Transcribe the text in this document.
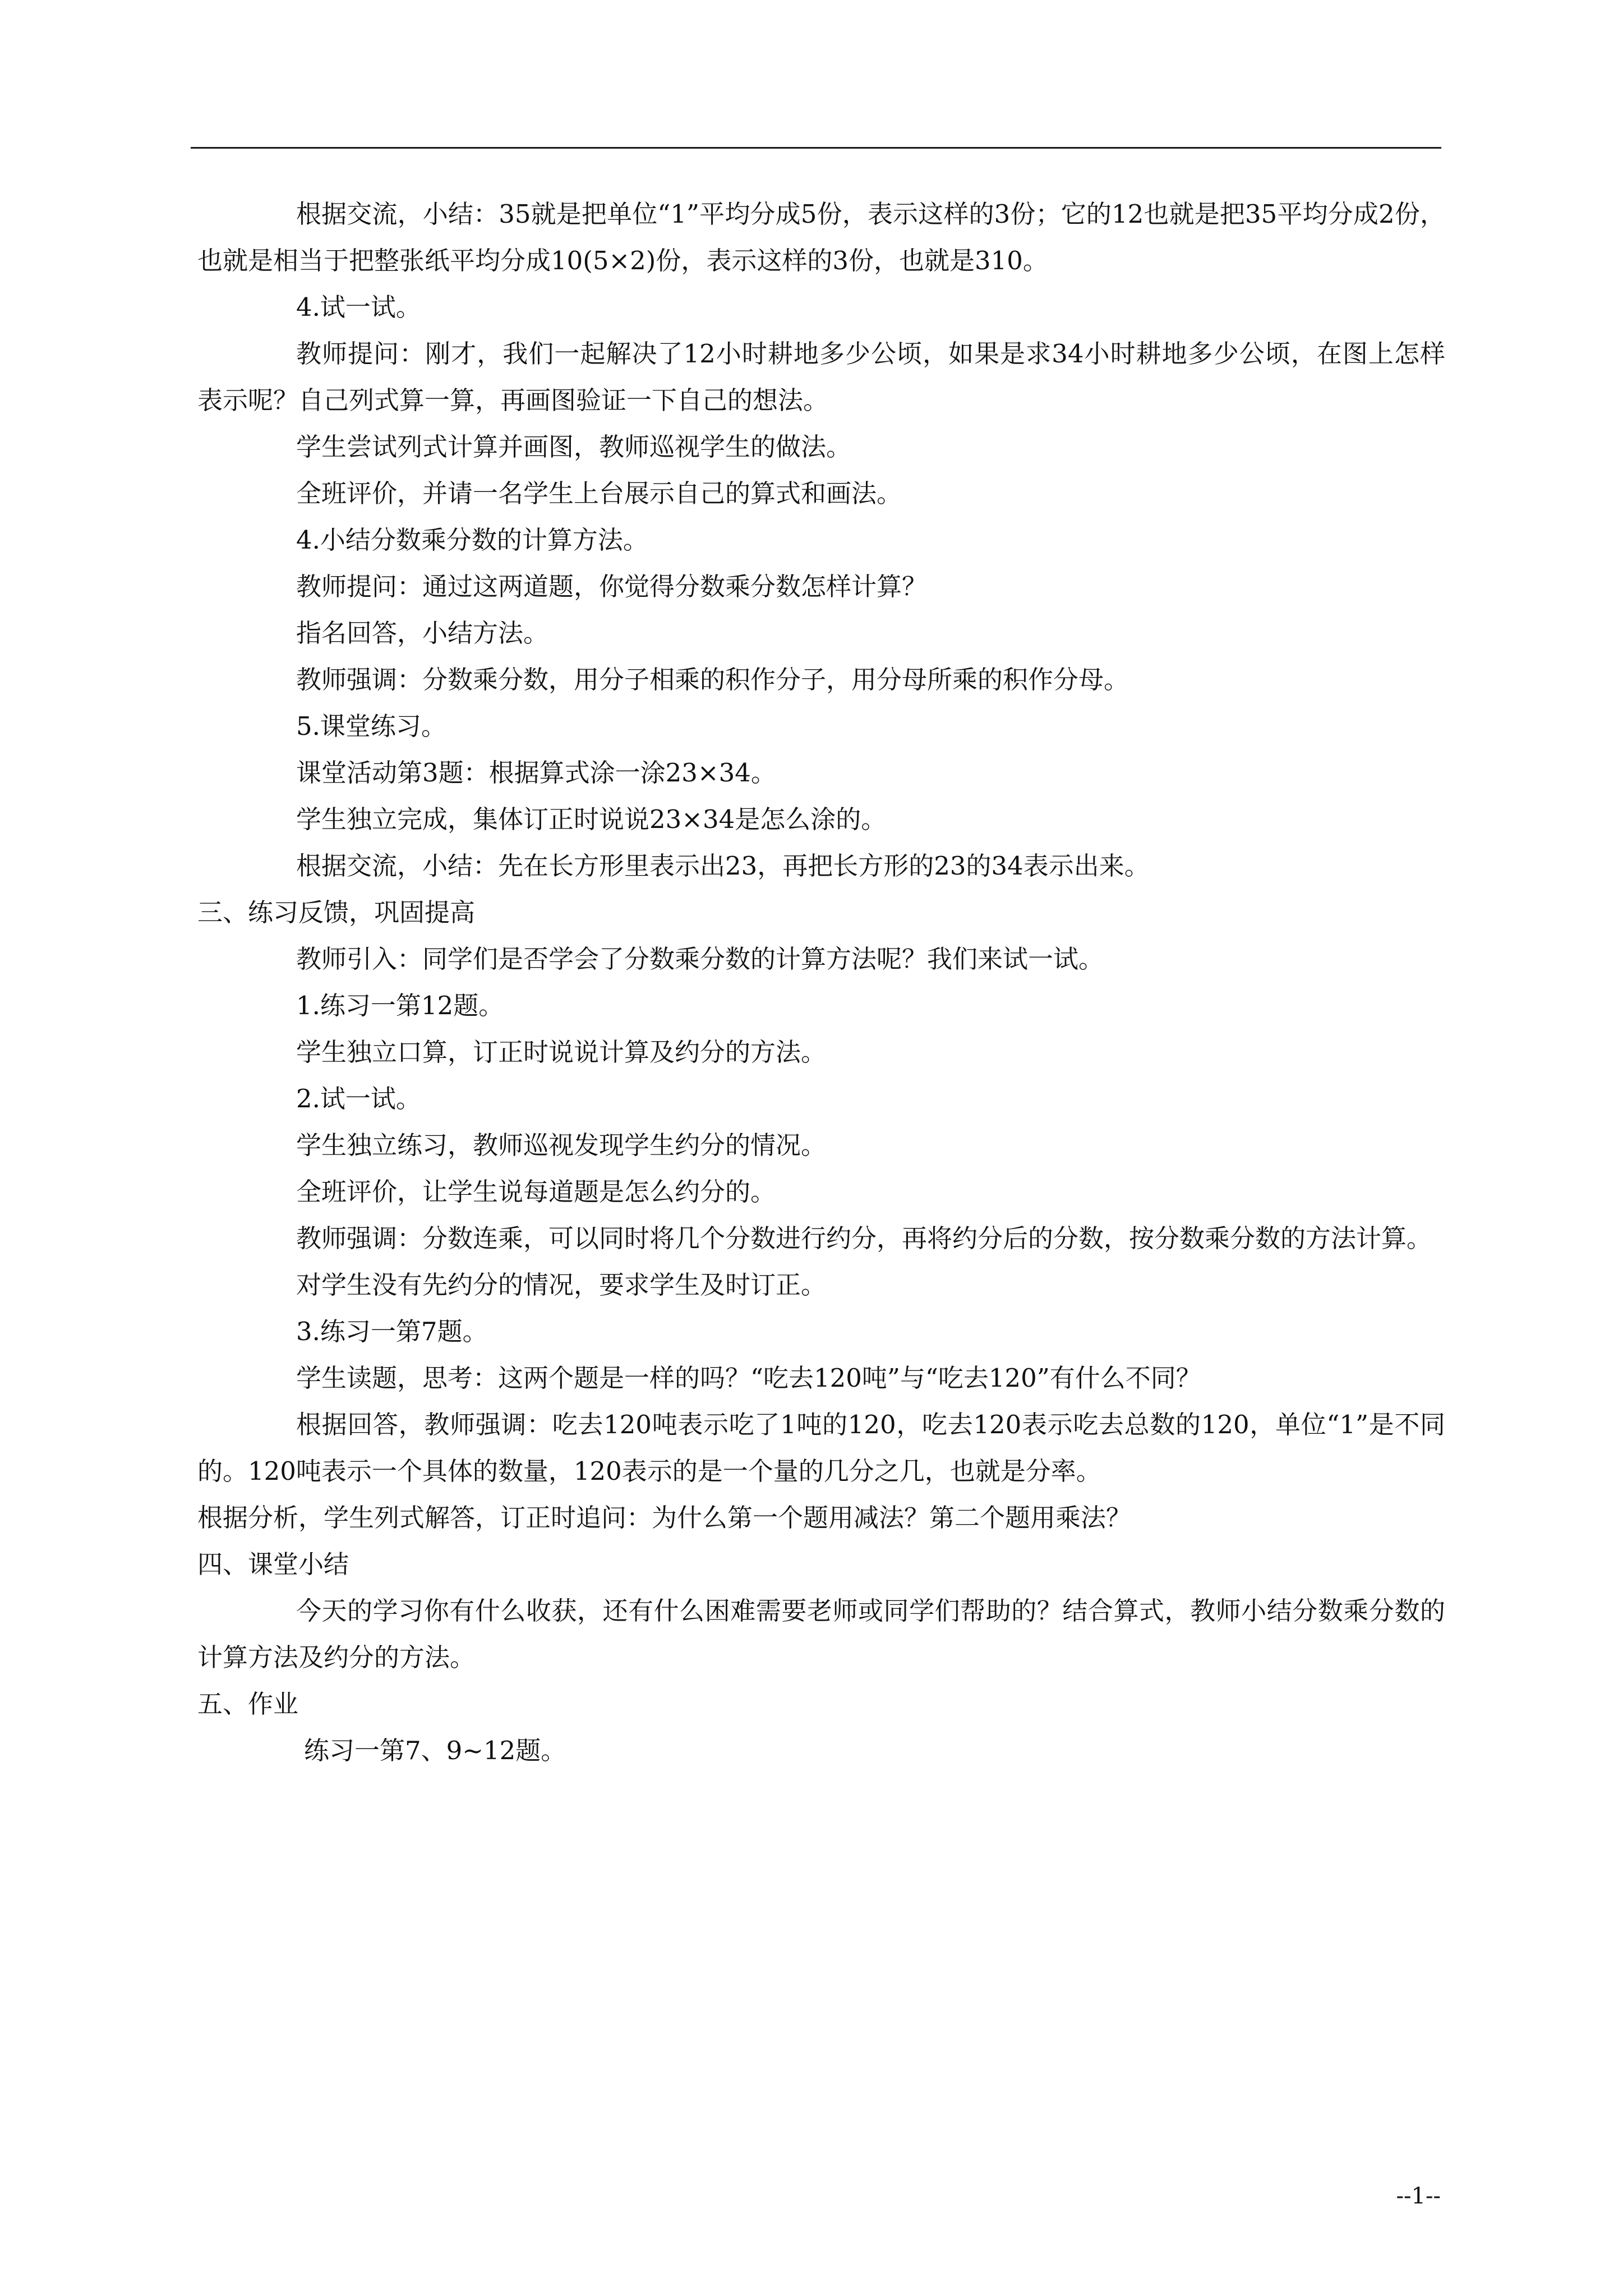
根据交流，小结：35就是把单位“1”平均分成5份，表示这样的3份；它的12也就是把35平均分成2份，也就是相当于把整张纸平均分成10(5×2)份，表示这样的3份，也就是310。

4.试一试。

教师提问：刚才，我们一起解决了12小时耕地多少公顷，如果是求34小时耕地多少公顷，在图上怎样表示呢？自己列式算一算，再画图验证一下自己的想法。

学生尝试列式计算并画图，教师巡视学生的做法。

全班评价，并请一名学生上台展示自己的算式和画法。

4.小结分数乘分数的计算方法。

教师提问：通过这两道题，你觉得分数乘分数怎样计算？

指名回答，小结方法。

教师强调：分数乘分数，用分子相乘的积作分子，用分母所乘的积作分母。

5.课堂练习。

课堂活动第3题：根据算式涂一涂23×34。

学生独立完成，集体订正时说说23×34是怎么涂的。

根据交流，小结：先在长方形里表示出23，再把长方形的23的34表示出来。

三、练习反馈，巩固提高

教师引入：同学们是否学会了分数乘分数的计算方法呢？我们来试一试。

1.练习一第12题。

学生独立口算，订正时说说计算及约分的方法。

2.试一试。

学生独立练习，教师巡视发现学生约分的情况。

全班评价，让学生说每道题是怎么约分的。

教师强调：分数连乘，可以同时将几个分数进行约分，再将约分后的分数，按分数乘分数的方法计算。

对学生没有先约分的情况，要求学生及时订正。

3.练习一第7题。

学生读题，思考：这两个题是一样的吗？“吃去120吨”与“吃去120”有什么不同？

根据回答，教师强调：吃去120吨表示吃了1吨的120，吃去120表示吃去总数的120，单位“1”是不同的。120吨表示一个具体的数量，120表示的是一个量的几分之几，也就是分率。

根据分析，学生列式解答，订正时追问：为什么第一个题用减法？第二个题用乘法？

四、课堂小结

今天的学习你有什么收获，还有什么困难需要老师或同学们帮助的？结合算式，教师小结分数乘分数的计算方法及约分的方法。

五、作业

练习一第7、9~12题。

--1--
